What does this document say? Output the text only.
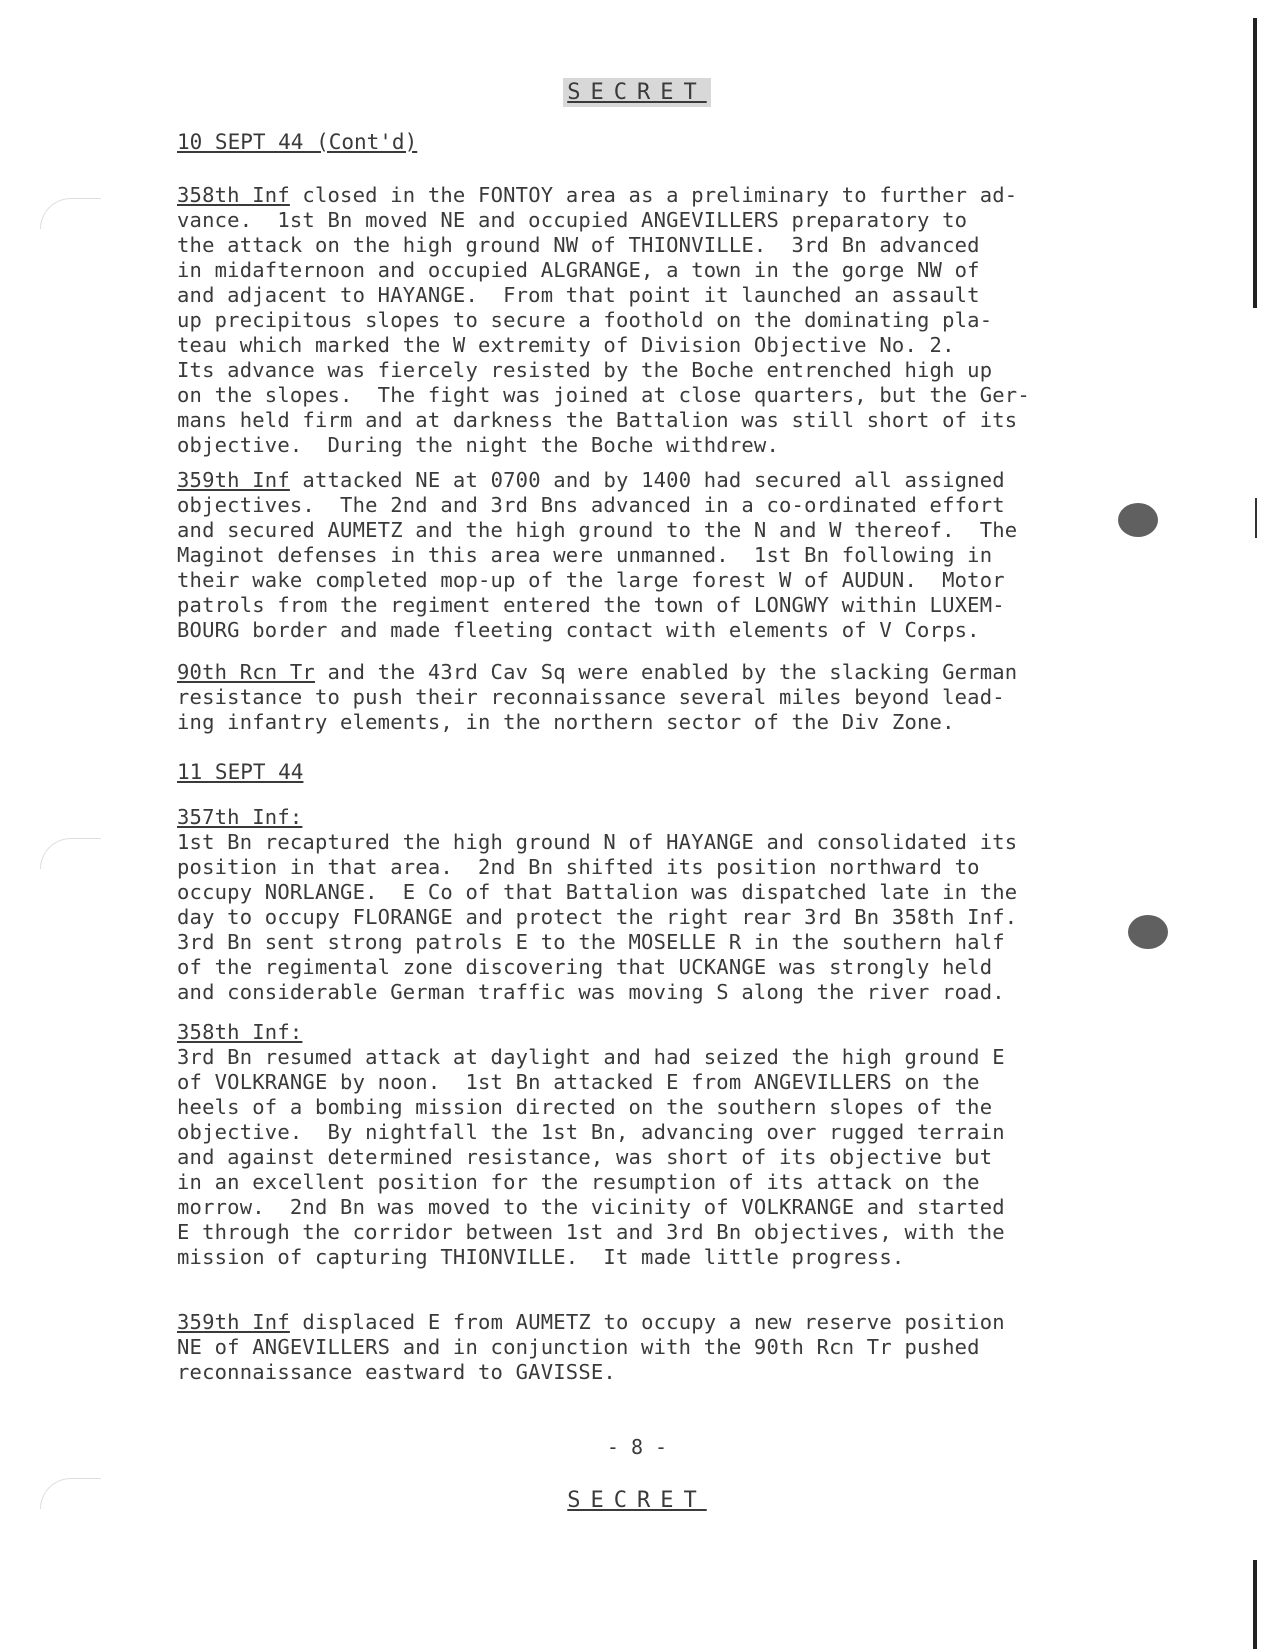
SECRET
10 SEPT 44 (Cont'd)
358th Inf closed in the FONTOY area as a preliminary to further ad-
vance.  1st Bn moved NE and occupied ANGEVILLERS preparatory to
the attack on the high ground NW of THIONVILLE.  3rd Bn advanced
in midafternoon and occupied ALGRANGE, a town in the gorge NW of
and adjacent to HAYANGE.  From that point it launched an assault
up precipitous slopes to secure a foothold on the dominating pla-
teau which marked the W extremity of Division Objective No. 2.
Its advance was fiercely resisted by the Boche entrenched high up
on the slopes.  The fight was joined at close quarters, but the Ger-
mans held firm and at darkness the Battalion was still short of its
objective.  During the night the Boche withdrew.
359th Inf attacked NE at 0700 and by 1400 had secured all assigned
objectives.  The 2nd and 3rd Bns advanced in a co-ordinated effort
and secured AUMETZ and the high ground to the N and W thereof.  The
Maginot defenses in this area were unmanned.  1st Bn following in
their wake completed mop-up of the large forest W of AUDUN.  Motor
patrols from the regiment entered the town of LONGWY within LUXEM-
BOURG border and made fleeting contact with elements of V Corps.
90th Rcn Tr and the 43rd Cav Sq were enabled by the slacking German
resistance to push their reconnaissance several miles beyond lead-
ing infantry elements, in the northern sector of the Div Zone.
11 SEPT 44
357th Inf:
1st Bn recaptured the high ground N of HAYANGE and consolidated its
position in that area.  2nd Bn shifted its position northward to
occupy NORLANGE.  E Co of that Battalion was dispatched late in the
day to occupy FLORANGE and protect the right rear 3rd Bn 358th Inf.
3rd Bn sent strong patrols E to the MOSELLE R in the southern half
of the regimental zone discovering that UCKANGE was strongly held
and considerable German traffic was moving S along the river road.
358th Inf:
3rd Bn resumed attack at daylight and had seized the high ground E
of VOLKRANGE by noon.  1st Bn attacked E from ANGEVILLERS on the
heels of a bombing mission directed on the southern slopes of the
objective.  By nightfall the 1st Bn, advancing over rugged terrain
and against determined resistance, was short of its objective but
in an excellent position for the resumption of its attack on the
morrow.  2nd Bn was moved to the vicinity of VOLKRANGE and started
E through the corridor between 1st and 3rd Bn objectives, with the
mission of capturing THIONVILLE.  It made little progress.
359th Inf displaced E from AUMETZ to occupy a new reserve position
NE of ANGEVILLERS and in conjunction with the 90th Rcn Tr pushed
reconnaissance eastward to GAVISSE.
- 8 -
SECRET
